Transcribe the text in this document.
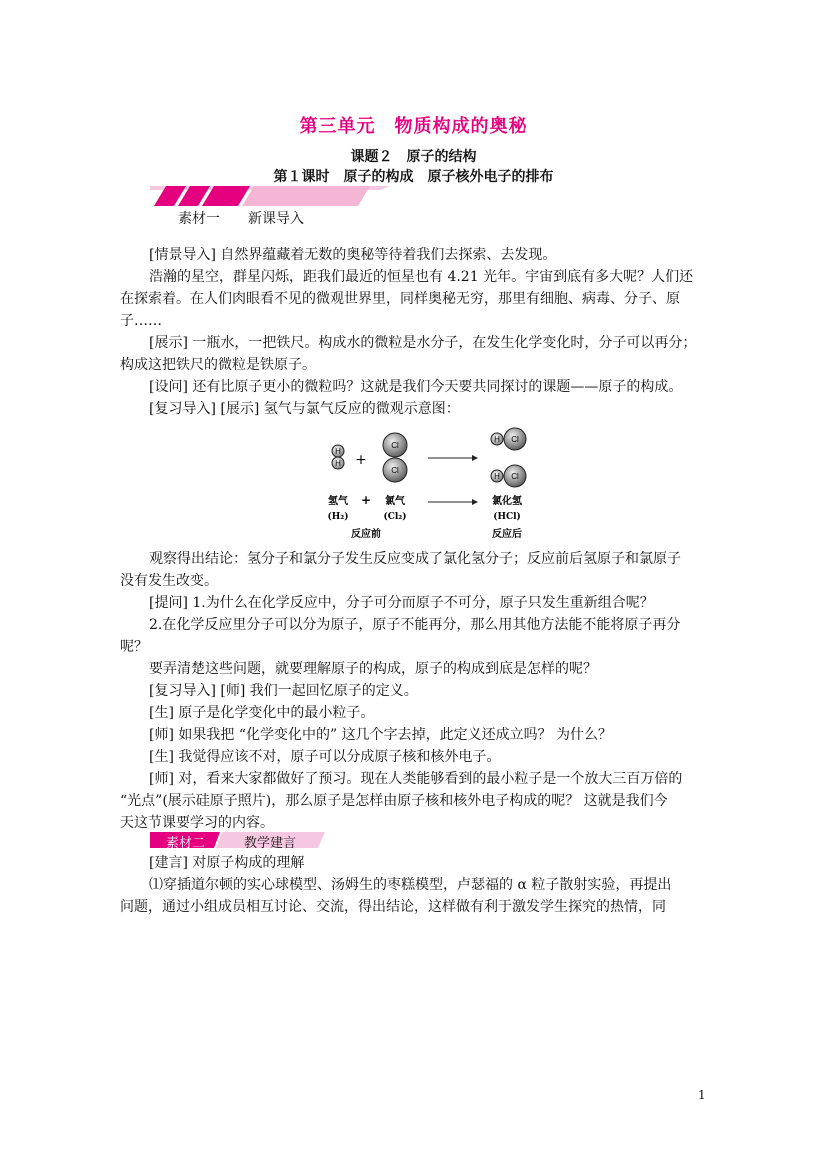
第三单元　物质构成的奥秘
课题２　原子的结构
第１课时　原子的构成　原子核外电子的排布
素材一　　新课导入
[情景导入] 自然界蕴藏着无数的奥秘等待着我们去探索、去发现。
浩瀚的星空，群星闪烁，距我们最近的恒星也有 4.21 光年。宇宙到底有多大呢？人们还
在探索着。在人们肉眼看不见的微观世界里，同样奥秘无穷，那里有细胞、病毒、分子、原
子……
[展示] 一瓶水，一把铁尺。构成水的微粒是水分子，在发生化学变化时，分子可以再分；
构成这把铁尺的微粒是铁原子。
[设问] 还有比原子更小的微粒吗？这就是我们今天要共同探讨的课题——原子的构成。
[复习导入] [展示] 氢气与氯气反应的微观示意图：
H
H +
Cl
Cl
H Cl
H Cl
氢气
(H₂)
+ 氯气
(Cl₂)
氯化氢
(HCl)
反应前	反应后
观察得出结论：氢分子和氯分子发生反应变成了氯化氢分子；反应前后氢原子和氯原子
没有发生改变。
[提问] 1.为什么在化学反应中，分子可分而原子不可分，原子只发生重新组合呢？
2.在化学反应里分子可以分为原子，原子不能再分，那么用其他方法能不能将原子再分
呢？
要弄清楚这些问题，就要理解原子的构成，原子的构成到底是怎样的呢？
[复习导入] [师] 我们一起回忆原子的定义。
[生] 原子是化学变化中的最小粒子。
[师] 如果我把 “化学变化中的” 这几个字去掉，此定义还成立吗？ 为什么？
[生] 我觉得应该不对，原子可以分成原子核和核外电子。
[师] 对，看来大家都做好了预习。现在人类能够看到的最小粒子是一个放大三百万倍的
“光点”(展示硅原子照片)，那么原子是怎样由原子核和核外电子构成的呢？ 这就是我们今
天这节课要学习的内容。
素材二	教学建言
[建言] 对原子构成的理解
⑴穿插道尔顿的实心球模型、汤姆生的枣糕模型，卢瑟福的 α 粒子散射实验，再提出
问题，通过小组成员相互讨论、交流，得出结论，这样做有利于激发学生探究的热情，同
1
